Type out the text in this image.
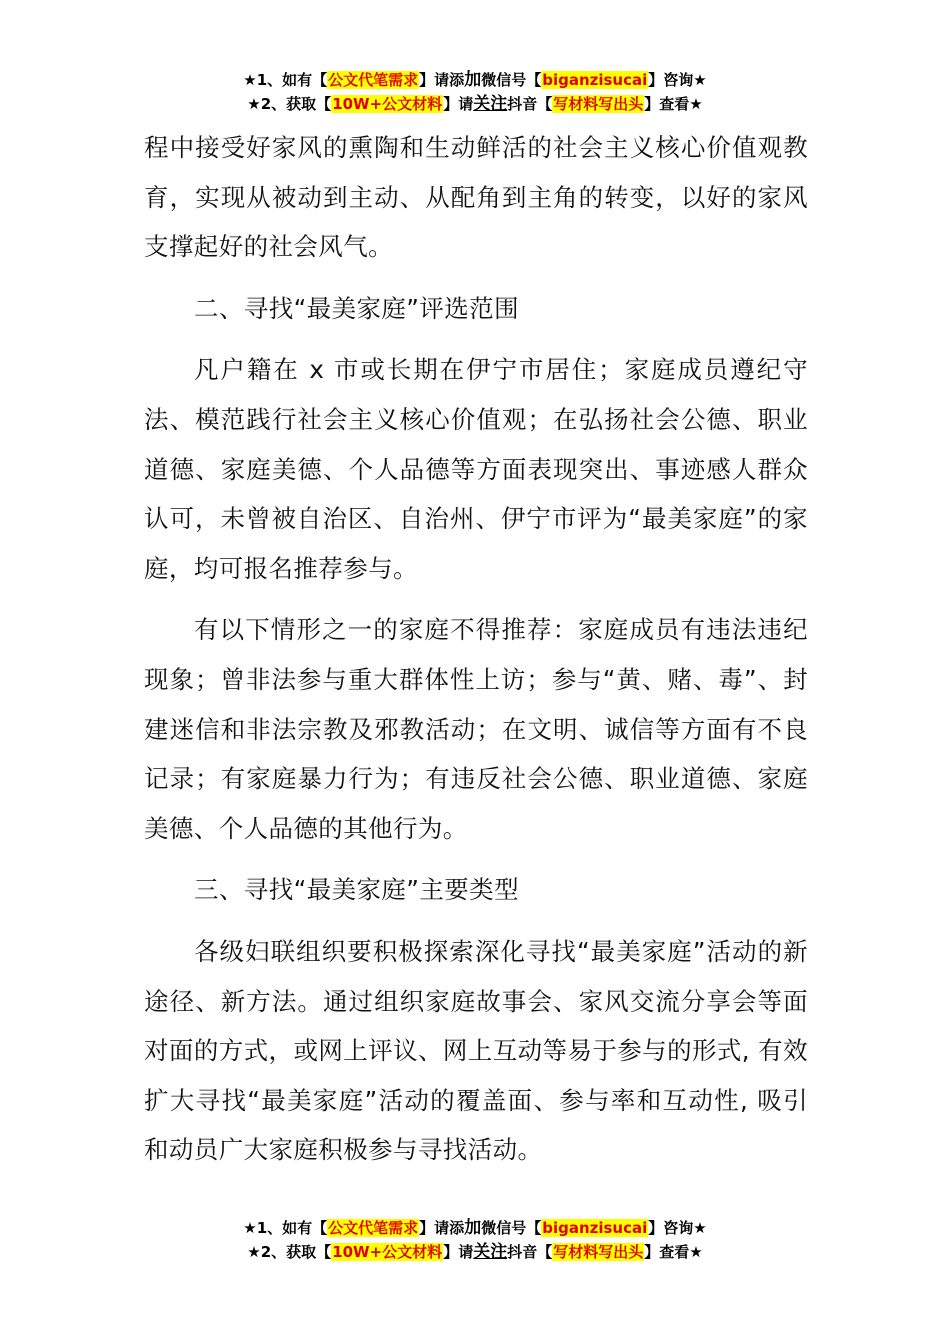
★1、如有【公文代笔需求】请添加微信号【biganzisucai】咨询★
★2、获取【10W+公文材料】请关注抖音【写材料写出头】查看★

程中接受好家风的熏陶和生动鲜活的社会主义核心价值观教育，实现从被动到主动、从配角到主角的转变，以好的家风支撑起好的社会风气。

二、寻找“最美家庭”评选范围

凡户籍在 x 市或长期在伊宁市居住；家庭成员遵纪守法、模范践行社会主义核心价值观；在弘扬社会公德、职业道德、家庭美德、个人品德等方面表现突出、事迹感人群众认可，未曾被自治区、自治州、伊宁市评为“最美家庭”的家庭，均可报名推荐参与。

有以下情形之一的家庭不得推荐：家庭成员有违法违纪现象；曾非法参与重大群体性上访；参与“黄、赌、毒”、封建迷信和非法宗教及邪教活动；在文明、诚信等方面有不良记录；有家庭暴力行为；有违反社会公德、职业道德、家庭美德、个人品德的其他行为。

三、寻找“最美家庭”主要类型

各级妇联组织要积极探索深化寻找“最美家庭”活动的新途径、新方法。通过组织家庭故事会、家风交流分享会等面对面的方式，或网上评议、网上互动等易于参与的形式, 有效扩大寻找“最美家庭”活动的覆盖面、参与率和互动性, 吸引和动员广大家庭积极参与寻找活动。

★1、如有【公文代笔需求】请添加微信号【biganzisucai】咨询★
★2、获取【10W+公文材料】请关注抖音【写材料写出头】查看★
